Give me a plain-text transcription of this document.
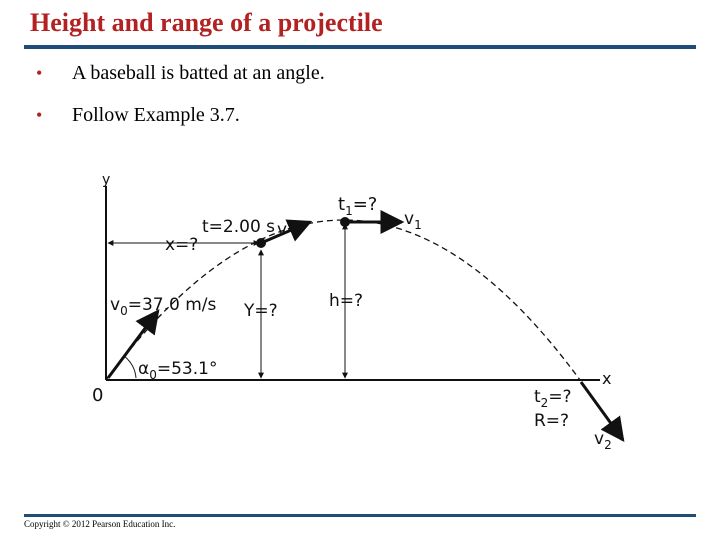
Height and range of a projectile
•	A baseball is batted at an angle.
•	Follow Example 3.7.
y
x
0
$t_1=$?
$v_1$
t=2.00 s v
x=?
$v_0=37.0$ m/s Y=?	h=?
$\alpha_0=53.1^\circ$
$t_2=$?
R=?
$v_2$
Copyright © 2012 Pearson Education Inc.
